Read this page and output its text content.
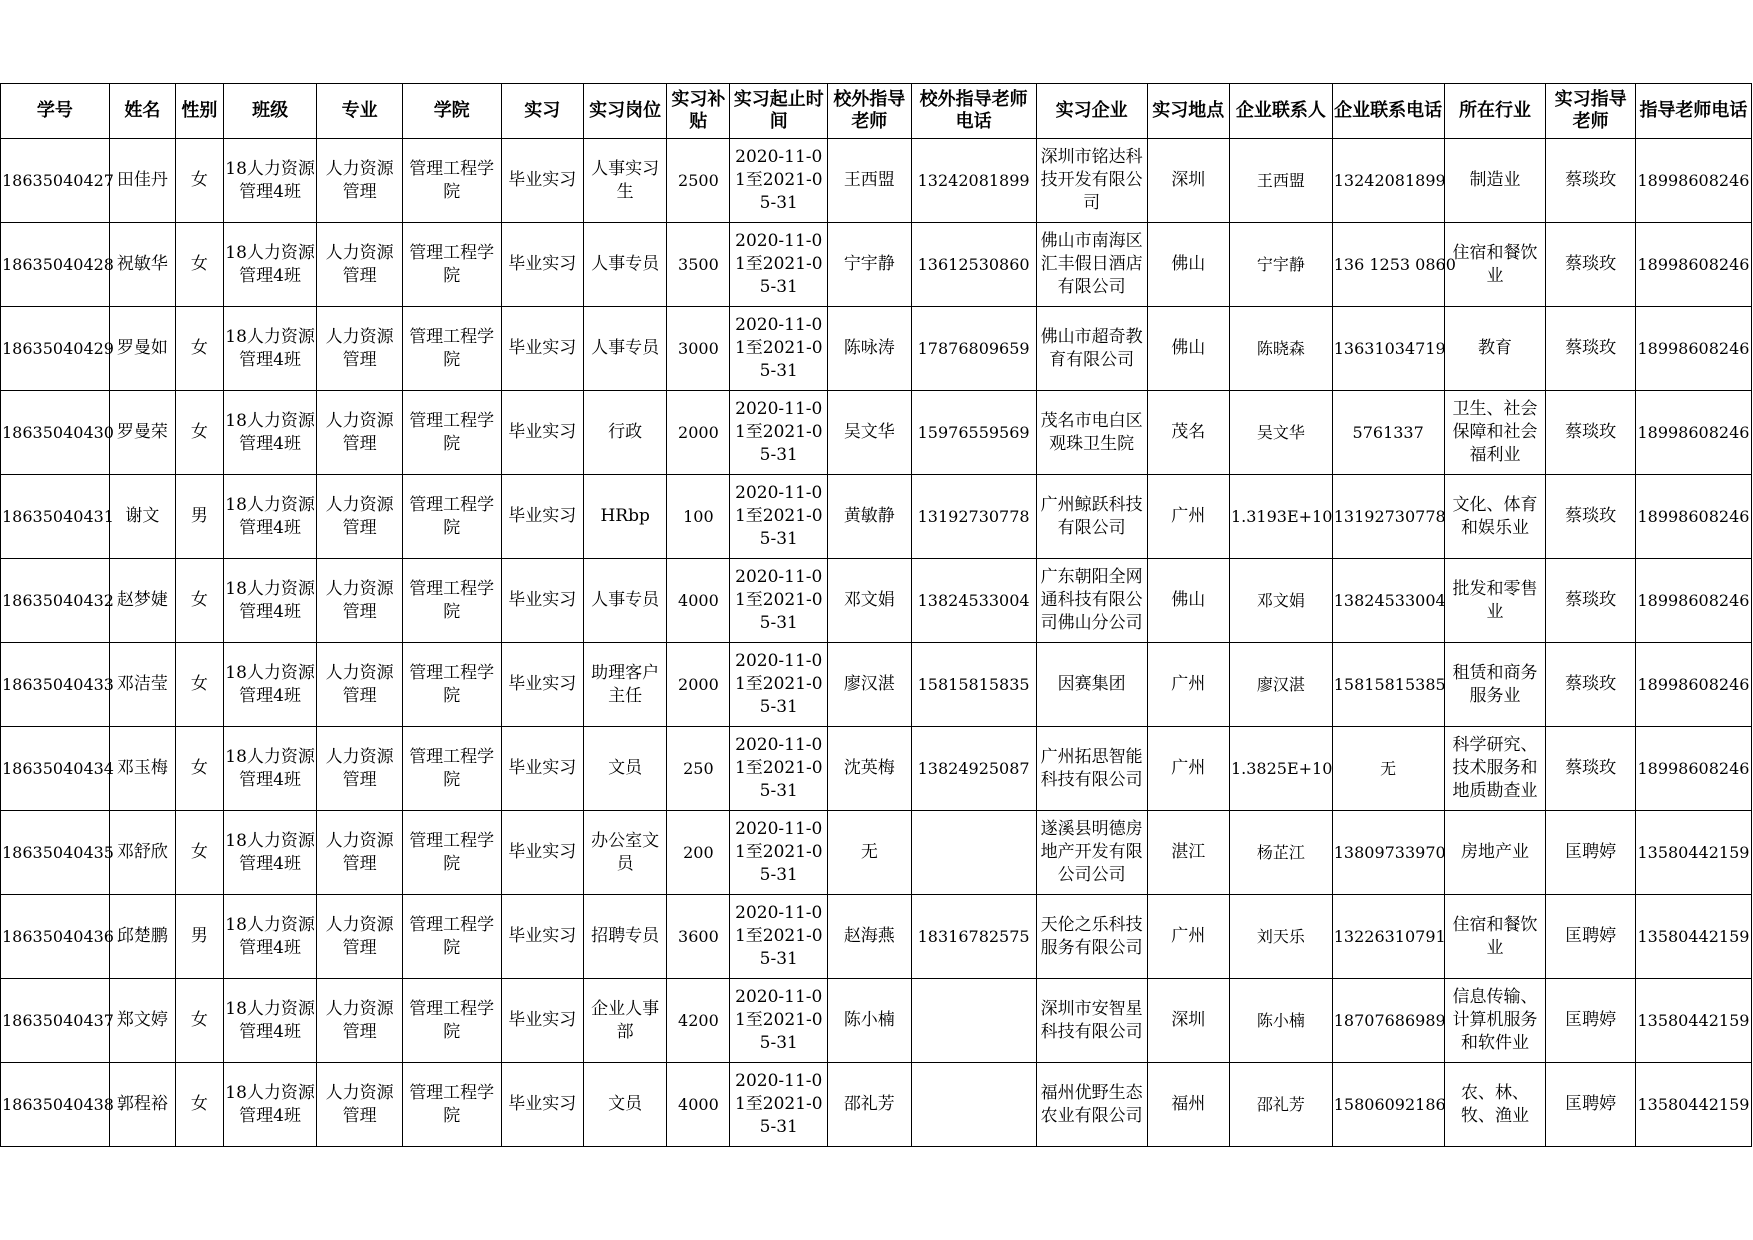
学号	姓名	性别	班级	专业	学院	实习	实习岗位	实习补贴	实习起止时间	校外指导老师	校外指导老师电话	实习企业	实习地点	企业联系人	企业联系电话	所在行业	实习指导老师	指导老师电话

18635040427	田佳丹	女	18人力资源管理4班	人力资源管理	管理工程学院	毕业实习	人事实习生	2500	2020-11-01至2021-05-31	王西盟	13242081899	深圳市铭达科技开发有限公司	深圳	王西盟	13242081899	制造业	蔡琰玫	18998608246

18635040428	祝敏华	女	18人力资源管理4班	人力资源管理	管理工程学院	毕业实习	人事专员	3500	2020-11-01至2021-05-31	宁宇静	13612530860	佛山市南海区汇丰假日酒店有限公司	佛山	宁宇静	136 1253 0860	住宿和餐饮业	蔡琰玫	18998608246

18635040429	罗曼如	女	18人力资源管理4班	人力资源管理	管理工程学院	毕业实习	人事专员	3000	2020-11-01至2021-05-31	陈咏涛	17876809659	佛山市超奇教育有限公司	佛山	陈晓森	13631034719	教育	蔡琰玫	18998608246

18635040430	罗曼荣	女	18人力资源管理4班	人力资源管理	管理工程学院	毕业实习	行政	2000	2020-11-01至2021-05-31	吴文华	15976559569	茂名市电白区观珠卫生院	茂名	吴文华	5761337	卫生、社会保障和社会福利业	蔡琰玫	18998608246

18635040431	谢文	男	18人力资源管理4班	人力资源管理	管理工程学院	毕业实习	HRbp	100	2020-11-01至2021-05-31	黄敏静	13192730778	广州鲸跃科技有限公司	广州	1.3193E+10	13192730778	文化、体育和娱乐业	蔡琰玫	18998608246

18635040432	赵梦婕	女	18人力资源管理4班	人力资源管理	管理工程学院	毕业实习	人事专员	4000	2020-11-01至2021-05-31	邓文娟	13824533004	广东朝阳全网通科技有限公司佛山分公司	佛山	邓文娟	13824533004	批发和零售业	蔡琰玫	18998608246

18635040433	邓洁莹	女	18人力资源管理4班	人力资源管理	管理工程学院	毕业实习	助理客户主任	2000	2020-11-01至2021-05-31	廖汉湛	15815815835	因赛集团	广州	廖汉湛	15815815385	租赁和商务服务业	蔡琰玫	18998608246

18635040434	邓玉梅	女	18人力资源管理4班	人力资源管理	管理工程学院	毕业实习	文员	250	2020-11-01至2021-05-31	沈英梅	13824925087	广州拓思智能科技有限公司	广州	1.3825E+10	无	科学研究、技术服务和地质勘查业	蔡琰玫	18998608246

18635040435	邓舒欣	女	18人力资源管理4班	人力资源管理	管理工程学院	毕业实习	办公室文员	200	2020-11-01至2021-05-31	无		遂溪县明德房地产开发有限公司公司	湛江	杨芷江	13809733970	房地产业	匡聘婷	13580442159

18635040436	邱楚鹏	男	18人力资源管理4班	人力资源管理	管理工程学院	毕业实习	招聘专员	3600	2020-11-01至2021-05-31	赵海燕	18316782575	天伦之乐科技服务有限公司	广州	刘天乐	13226310791	住宿和餐饮业	匡聘婷	13580442159

18635040437	郑文婷	女	18人力资源管理4班	人力资源管理	管理工程学院	毕业实习	企业人事部	4200	2020-11-01至2021-05-31	陈小楠		深圳市安智星科技有限公司	深圳	陈小楠	18707686989	信息传输、计算机服务和软件业	匡聘婷	13580442159

18635040438	郭程裕	女	18人力资源管理4班	人力资源管理	管理工程学院	毕业实习	文员	4000	2020-11-01至2021-05-31	邵礼芳		福州优野生态农业有限公司	福州	邵礼芳	15806092186	农、林、牧、渔业	匡聘婷	13580442159
